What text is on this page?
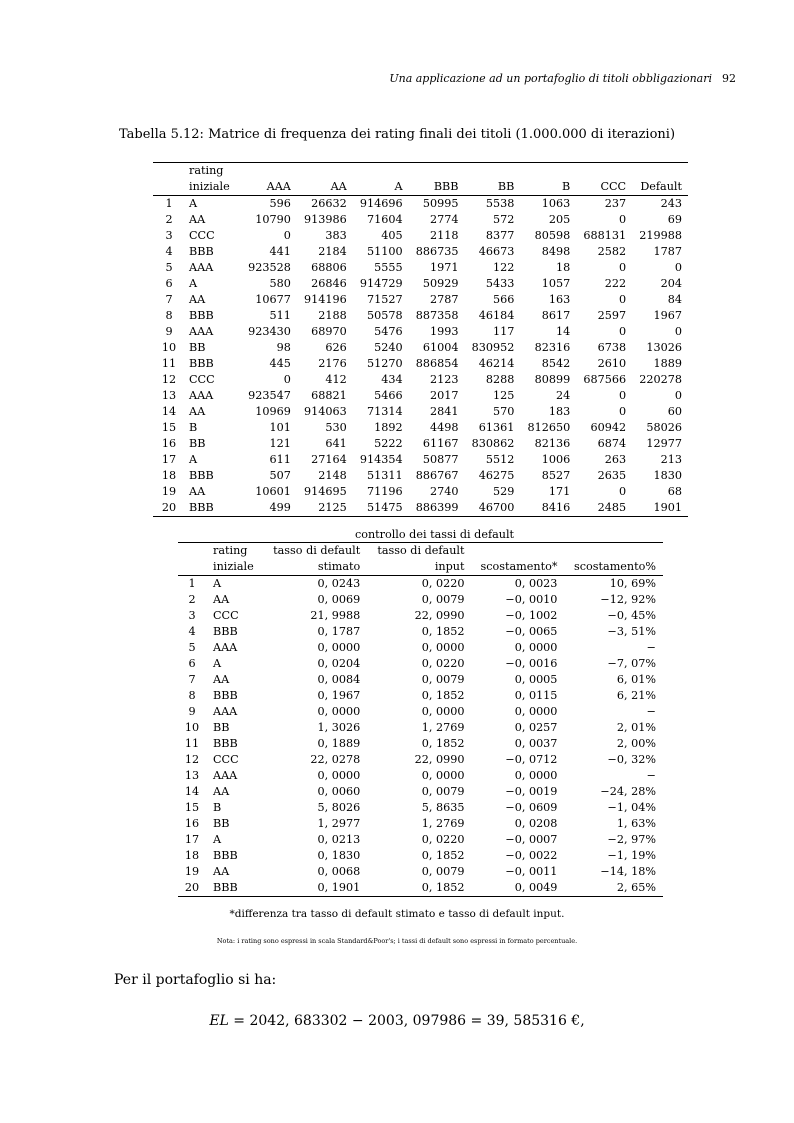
Una applicazione ad un portafoglio di titoli obbligazionari 92
Tabella 5.12: Matrice di frequenza dei rating finali dei titoli (1.000.000 di iterazioni)
	rating								
	iniziale	AAA	AA	A	BBB	BB	B	CCC	Default
1	A	596	26632	914696	50995	5538	1063	237	243
2	AA	10790	913986	71604	2774	572	205	0	69
3	CCC	0	383	405	2118	8377	80598	688131	219988
4	BBB	441	2184	51100	886735	46673	8498	2582	1787
5	AAA	923528	68806	5555	1971	122	18	0	0
6	A	580	26846	914729	50929	5433	1057	222	204
7	AA	10677	914196	71527	2787	566	163	0	84
8	BBB	511	2188	50578	887358	46184	8617	2597	1967
9	AAA	923430	68970	5476	1993	117	14	0	0
10	BB	98	626	5240	61004	830952	82316	6738	13026
11	BBB	445	2176	51270	886854	46214	8542	2610	1889
12	CCC	0	412	434	2123	8288	80899	687566	220278
13	AAA	923547	68821	5466	2017	125	24	0	0
14	AA	10969	914063	71314	2841	570	183	0	60
15	B	101	530	1892	4498	61361	812650	60942	58026
16	BB	121	641	5222	61167	830862	82136	6874	12977
17	A	611	27164	914354	50877	5512	1006	263	213
18	BBB	507	2148	51311	886767	46275	8527	2635	1830
19	AA	10601	914695	71196	2740	529	171	0	68
20	BBB	499	2125	51475	886399	46700	8416	2485	1901
	controllo dei tassi di default				
	rating	tasso di default	tasso di default		
	iniziale	stimato	input	scostamento*	scostamento%
1	A	0, 0243	0, 0220	0, 0023	10, 69%
2	AA	0, 0069	0, 0079	−0, 0010	−12, 92%
3	CCC	21, 9988	22, 0990	−0, 1002	−0, 45%
4	BBB	0, 1787	0, 1852	−0, 0065	−3, 51%
5	AAA	0, 0000	0, 0000	0, 0000	−
6	A	0, 0204	0, 0220	−0, 0016	−7, 07%
7	AA	0, 0084	0, 0079	0, 0005	6, 01%
8	BBB	0, 1967	0, 1852	0, 0115	6, 21%
9	AAA	0, 0000	0, 0000	0, 0000	−
10	BB	1, 3026	1, 2769	0, 0257	2, 01%
11	BBB	0, 1889	0, 1852	0, 0037	2, 00%
12	CCC	22, 0278	22, 0990	−0, 0712	−0, 32%
13	AAA	0, 0000	0, 0000	0, 0000	−
14	AA	0, 0060	0, 0079	−0, 0019	−24, 28%
15	B	5, 8026	5, 8635	−0, 0609	−1, 04%
16	BB	1, 2977	1, 2769	0, 0208	1, 63%
17	A	0, 0213	0, 0220	−0, 0007	−2, 97%
18	BBB	0, 1830	0, 1852	−0, 0022	−1, 19%
19	AA	0, 0068	0, 0079	−0, 0011	−14, 18%
20	BBB	0, 1901	0, 1852	0, 0049	2, 65%
*differenza tra tasso di default stimato e tasso di default input.
Nota: i rating sono espressi in scala Standard&Poor's; i tassi di default sono espressi in formato percentuale.
Per il portafoglio si ha:
EL = 2042, 683302 − 2003, 097986 = 39, 585316 €,
